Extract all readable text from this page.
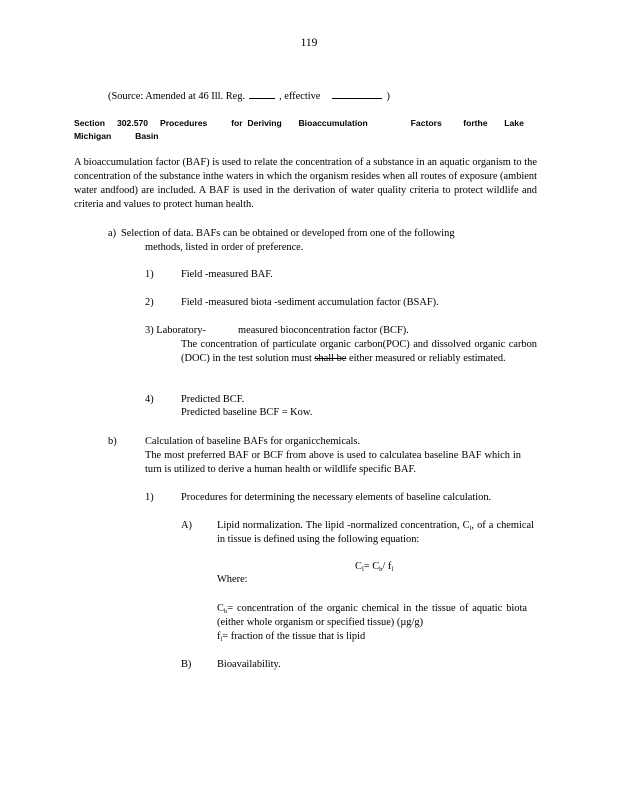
119
(Source: Amended at 46 Ill. Reg.	, effective	)
Section     302.570     Procedures          for  Deriving       Bioaccumulation                  Factors         forthe       Lake
Michigan          Basin
A bioaccumulation factor (BAF) is used to relate the concentration of a substance in an aquatic organism to the concentration of the substance inthe waters in which the organism resides when all routes of exposure (ambient water andfood) are included. A BAF is used in the derivation of water quality criteria to protect wildlife and criteria and values to protect human health.
a) Selection of data. BAFs can be obtained or developed from one of the following
methods, listed in order of preference.
1)	Field -measured BAF.
2)	Field -measured biota -sediment accumulation factor (BSAF).
3) Laboratory-	measured bioconcentration factor (BCF).
The concentration of particulate organic carbon(POC) and dissolved organic carbon (DOC) in the test solution must shall be either measured or reliably estimated.
4)	Predicted BCF.
Predicted baseline BCF = Kow.
b)	Calculation of baseline BAFs for organicchemicals.
The most preferred BAF or BCF from above is used to calculatea baseline BAF which in turn is utilized to derive a human health or wildlife specific BAF.
1)	Procedures for determining the necessary elements of baseline calculation.
A) Lipid normalization. The lipid -normalized concentration, $C_l$, of a chemical in tissue is defined using the following equation:
$C_l= C_b/$ $f_l$
Where:
$C_b=$ concentration of the organic chemical in the tissue of aquatic biota (either whole organism or specified tissue) (µg/g)
$f_l=$ fraction of the tissue that is lipid
B) Bioavailability.
